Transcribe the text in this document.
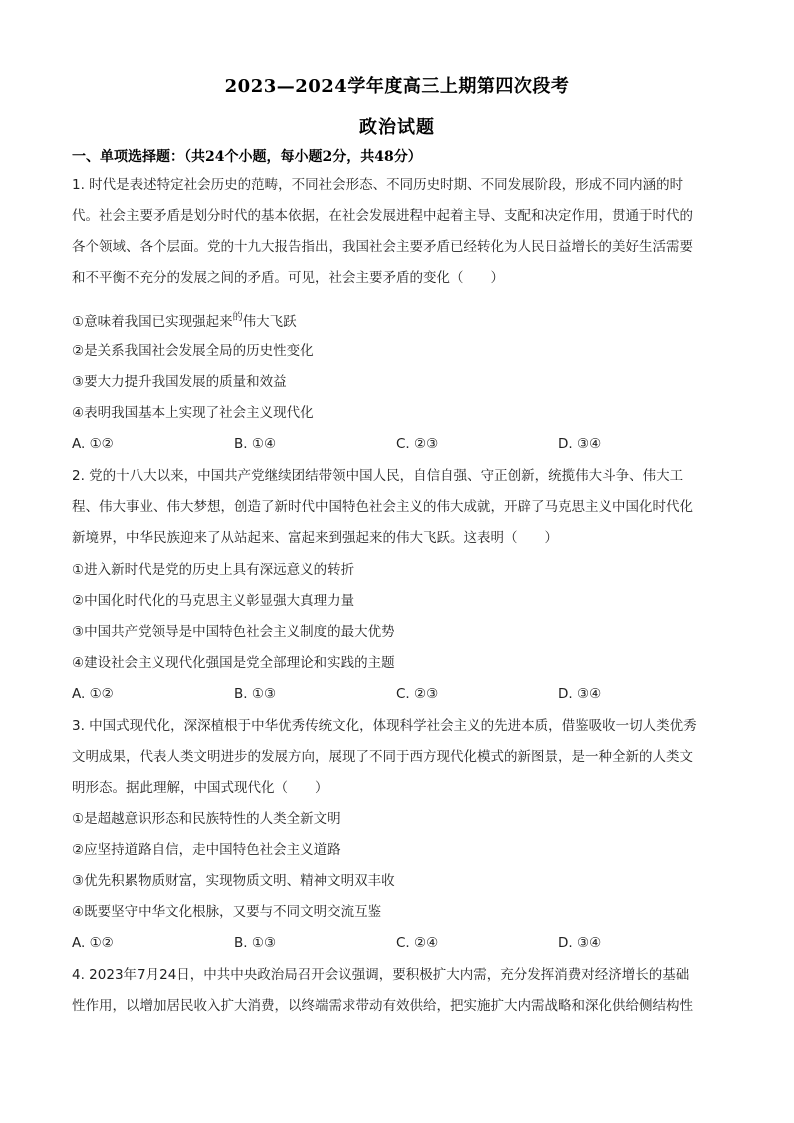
2023—2024学年度高三上期第四次段考
政治试题
一、单项选择题：（共24个小题，每小题2分，共48分）
1. 时代是表述特定社会历史的范畴，不同社会形态、不同历史时期、不同发展阶段，形成不同内涵的时
代。社会主要矛盾是划分时代的基本依据，在社会发展进程中起着主导、支配和决定作用，贯通于时代的
各个领域、各个层面。党的十九大报告指出，我国社会主要矛盾已经转化为人民日益增长的美好生活需要
和不平衡不充分的发展之间的矛盾。可见，社会主要矛盾的变化（　　）
①意味着我国已实现强起来$^的$伟大飞跃
②是关系我国社会发展全局的历史性变化
③要大力提升我国发展的质量和效益
④表明我国基本上实现了社会主义现代化
A. ①②	B. ①④	C. ②③	D. ③④
2. 党的十八大以来，中国共产党继续团结带领中国人民，自信自强、守正创新，统揽伟大斗争、伟大工
程、伟大事业、伟大梦想，创造了新时代中国特色社会主义的伟大成就，开辟了马克思主义中国化时代化
新境界，中华民族迎来了从站起来、富起来到强起来的伟大飞跃。这表明（　　）
①进入新时代是党的历史上具有深远意义的转折
②中国化时代化的马克思主义彰显强大真理力量
③中国共产党领导是中国特色社会主义制度的最大优势
④建设社会主义现代化强国是党全部理论和实践的主题
A. ①②	B. ①③	C. ②③	D. ③④
3. 中国式现代化，深深植根于中华优秀传统文化，体现科学社会主义的先进本质，借鉴吸收一切人类优秀
文明成果，代表人类文明进步的发展方向，展现了不同于西方现代化模式的新图景，是一种全新的人类文
明形态。据此理解，中国式现代化（　　）
①是超越意识形态和民族特性的人类全新文明
②应坚持道路自信，走中国特色社会主义道路
③优先积累物质财富，实现物质文明、精神文明双丰收
④既要坚守中华文化根脉，又要与不同文明交流互鉴
A. ①②	B. ①③	C. ②④	D. ③④
4. 2023年7月24日，中共中央政治局召开会议强调，要积极扩大内需，充分发挥消费对经济增长的基础
性作用，以增加居民收入扩大消费，以终端需求带动有效供给，把实施扩大内需战略和深化供给侧结构性
